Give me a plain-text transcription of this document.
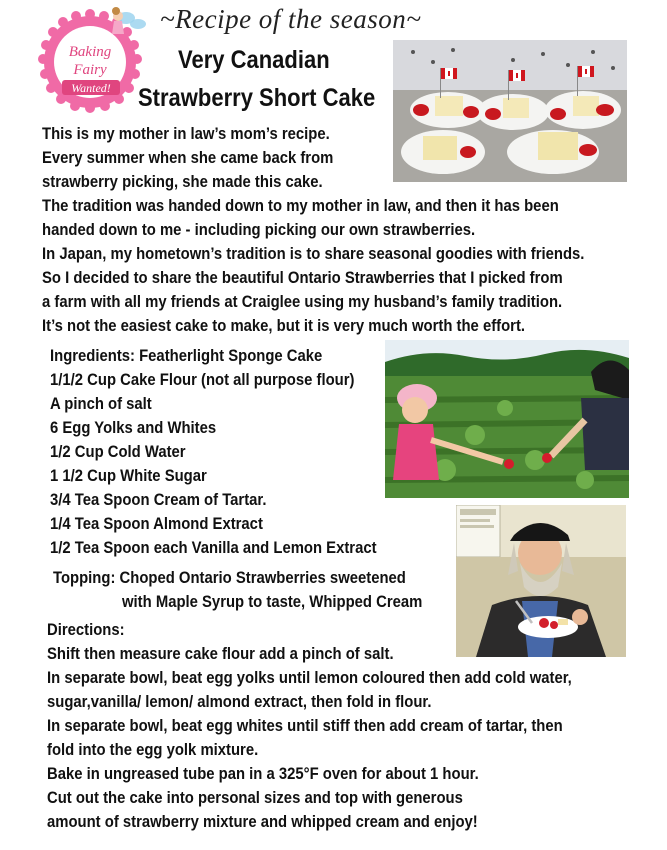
Baking
Fairy
Wanted!
~Recipe of the season~
Very Canadian
Strawberry Short Cake
This is my mother in law’s mom’s recipe.
Every summer when she came back from
strawberry picking, she made this cake.
The tradition was handed down to my mother in law, and then it has been
handed down to me - including picking our own strawberries.
In Japan, my hometown’s tradition is to share seasonal goodies with friends.
So I decided to share the beautiful Ontario Strawberries that I picked from
a farm with all my friends at Craiglee using my husband’s family tradition.
It’s not the easiest cake to make, but it is very much worth the effort.
Ingredients: Featherlight Sponge Cake
1/1/2 Cup Cake Flour (not all purpose flour)
A pinch of salt
6 Egg Yolks and Whites
1/2 Cup Cold Water
1 1/2 Cup White Sugar
3/4 Tea Spoon Cream of Tartar.
1/4 Tea Spoon Almond Extract
1/2 Tea Spoon each Vanilla and Lemon Extract
Topping: Choped Ontario Strawberries sweetened
with Maple Syrup to taste, Whipped Cream
Directions:
Shift then measure cake flour add a pinch of salt.
In separate bowl, beat egg yolks until lemon coloured then add cold water,
sugar,vanilla/ lemon/ almond extract, then fold in flour.
In separate bowl, beat egg whites until stiff then add cream of tartar, then
fold into the egg yolk mixture.
Bake in ungreased tube pan in a 325°F oven for about 1 hour.
Cut out the cake into personal sizes and top with generous
amount of strawberry mixture and whipped cream and enjoy!
